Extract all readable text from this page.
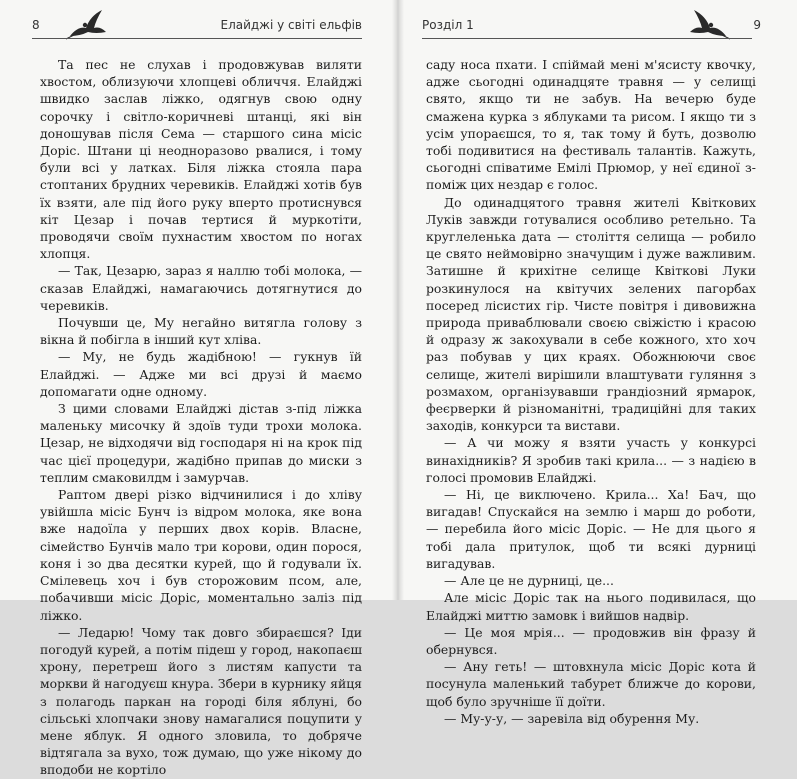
8	Елайджі у світі ельфів

Та пес не слухав і продовжував виляти хвостом, облизуючи хлопцеві обличчя. Елайджі швидко заслав ліжко, одягнув свою одну сорочку і світло-коричневі штанці, які він доношував після Сема — старшого сина місіс Доріс. Штани ці неодноразово рвалися, і тому були всі у латках. Біля ліжка стояла пара стоптаних брудних черевиків. Елайджі хотів був їх взяти, але під його руку вперто протиснувся кіт Цезар і почав тертися й муркотіти, проводячи своїм пухнастим хвостом по ногах хлопця.

— Так, Цезарю, зараз я наллю тобі молока, — сказав Елайджі, намагаючись дотягнутися до черевиків.

Почувши це, Му негайно витягла голову з вікна й побігла в інший кут хліва.

— Му, не будь жадібною! — гукнув їй Елайджі. — Адже ми всі друзі й маємо допомагати одне одному.

З цими словами Елайджі дістав з-під ліжка маленьку мисочку й здоїв туди трохи молока. Цезар, не відходячи від господаря ні на крок під час цієї процедури, жадібно припав до миски з теплим смаковилдм і замурчав.

Раптом двері різко відчинилися і до хліву увійшла місіс Бунч із відром молока, яке вона вже надоїла у перших двох корів. Власне, сімейство Бунчів мало три корови, один порося, коня і зо два десятки курей, що й годували їх. Смілевець хоч і був сторожовим псом, але, побачивши місіс Доріс, моментально заліз під ліжко.

— Ледарю! Чому так довго збираєшся? Іди погодуй курей, а потім підеш у город, накопаєш хрону, перетреш його з листям капусти та моркви й нагодуєш кнура. Збери в курнику яйця з полагодь паркан на городі біля яблуні, бо сільські хлопчаки знову намагалися поцупити у мене яблук. Я одного зловила, то добряче відтягала за вухо, тож думаю, що уже нікому до вподоби не кортіло

Розділ 1	9

саду носа пхати. І спіймай мені м'ясисту квочку, адже сьогодні одинадцяте травня — у селищі свято, якщо ти не забув. На вечерю буде смажена курка з яблуками та рисом. І якщо ти з усім упораєшся, то я, так тому й буть, дозволю тобі подивитися на фестиваль талантів. Кажуть, сьогодні співатиме Емілі Прюмор, у неї єдиної з-поміж цих нездар є голос.

До одинадцятого травня жителі Квіткових Луків завжди готувалися особливо ретельно. Та круглеленька дата — століття селища — робило це свято неймовірно значущим і дуже важливим. Затишне й крихітне селище Квіткові Луки розкинулося на квітучих зелених пагорбах посеред лісистих гір. Чисте повітря і дивовижна природа приваблювали своєю свіжістю і красою й одразу ж закохували в себе кожного, хто хоч раз побував у цих краях. Обожнюючи своє селище, жителі вирішили влаштувати гуляння з розмахом, організувавши грандіозний ярмарок, феєрверки й різноманітні, традиційні для таких заходів, конкурси та вистави.

— А чи можу я взяти участь у конкурсі винахідників? Я зробив такі крила... — з надією в голосі промовив Елайджі.

— Ні, це виключено. Крила... Ха! Бач, що вигадав! Спускайся на землю і марш до роботи, — перебила його місіс Доріс. — Не для цього я тобі дала притулок, щоб ти всякі дурниці вигадував.

— Але це не дурниці, це...

Але місіс Доріс так на нього подивилася, що Елайджі миттю замовк і вийшов надвір.

— Це моя мрія... — продовжив він фразу й обернувся.

— Ану геть! — штовхнула місіс Доріс кота й посунула маленький табурет ближче до корови, щоб було зручніше її доїти.

— Му-у-у, — заревіла від обурення Му.
